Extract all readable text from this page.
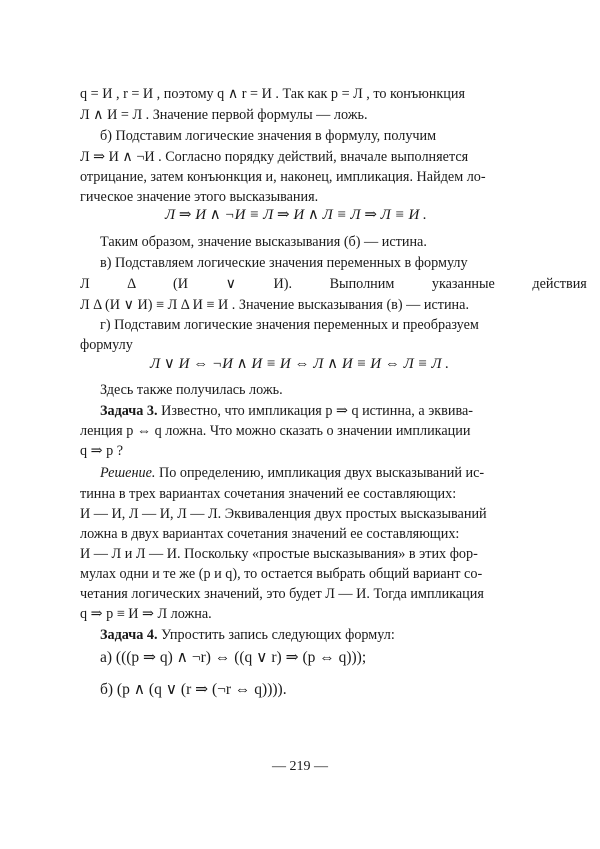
q = И , r = И , поэтому q ∧ r = И . Так как p = Л , то конъюнкция
Л ∧ И = Л . Значение первой формулы — ложь.
б) Подставим логические значения в формулу, получим
Л ⇒ И ∧ ¬И . Согласно порядку действий, вначале выполняется
отрицание, затем конъюнкция и, наконец, импликация. Найдем ло-
гическое значение этого высказывания.
Л ⇒ И ∧ ¬И ≡ Л ⇒ И ∧ Л ≡ Л ⇒ Л ≡ И .
Таким образом, значение высказывания (б) — истина.
в) Подставляем логические значения переменных в формулу
Л Δ (И ∨ И). Выполним указанные действия
Л Δ (И ∨ И) ≡ Л Δ И ≡ И . Значение высказывания (в) — истина.
г) Подставим логические значения переменных и преобразуем
формулу
Л ∨ И ⇔ ¬И ∧ И ≡ И ⇔ Л ∧ И ≡ И ⇔ Л ≡ Л .
Здесь также получилась ложь.
Задача 3. Известно, что импликация p ⇒ q истинна, а эквива-
ленция p ⇔ q ложна. Что можно сказать о значении импликации
q ⇒ p ?
Решение. По определению, импликация двух высказываний ис-
тинна в трех вариантах сочетания значений ее составляющих:
И — И, Л — И, Л — Л. Эквиваленция двух простых высказываний
ложна в двух вариантах сочетания значений ее составляющих:
И — Л и Л — И. Поскольку «простые высказывания» в этих фор-
мулах одни и те же (p и q), то остается выбрать общий вариант со-
четания логических значений, это будет Л — И. Тогда импликация
q ⇒ p ≡ И ⇒ Л ложна.
Задача 4. Упростить запись следующих формул:
а) (((p ⇒ q) ∧ ¬r) ⇔ ((q ∨ r) ⇒ (p ⇔ q)));
б) (p ∧ (q ∨ (r ⇒ (¬r ⇔ q)))).
— 219 —
